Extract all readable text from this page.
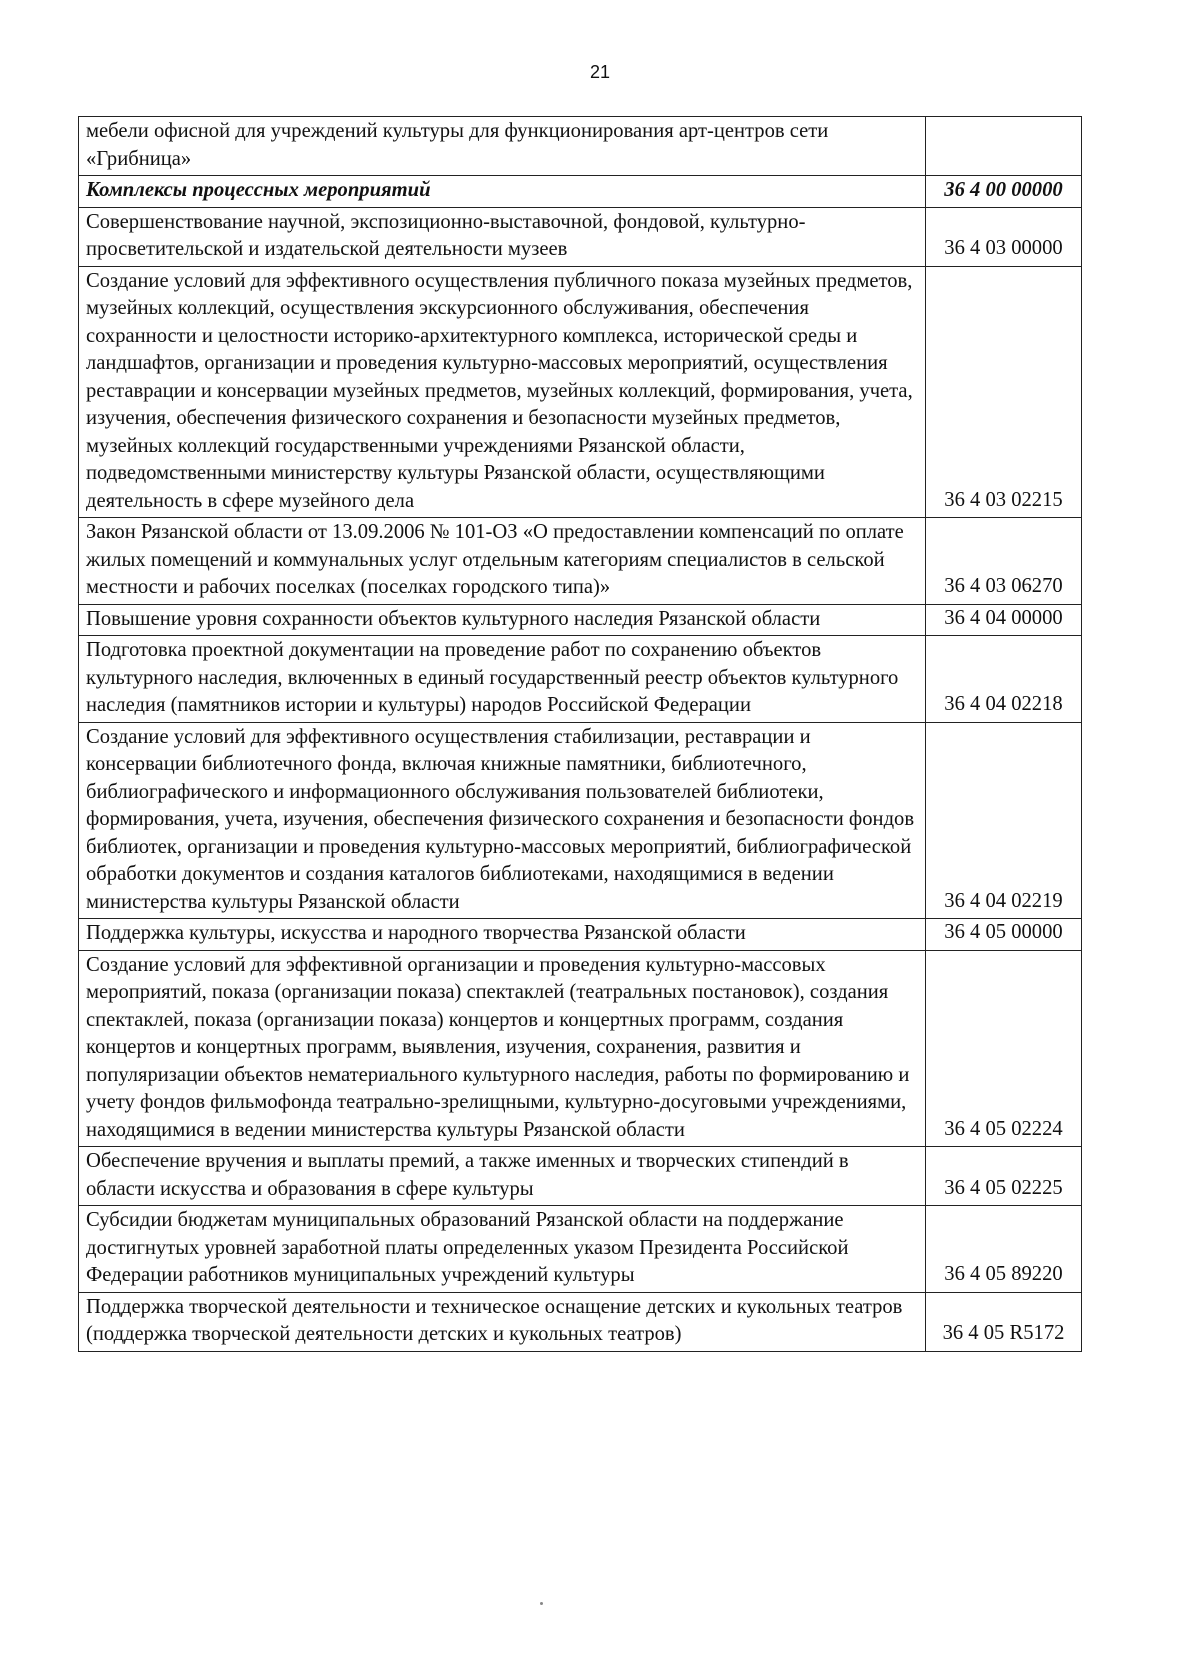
21
мебели офисной для учреждений культуры для функционирования арт-центров сети «Грибница»	
Комплексы процессных мероприятий	36 4 00 00000
Совершенствование научной, экспозиционно-выставочной, фондовой, культурно-просветительской и издательской деятельности музеев	36 4 03 00000
Создание условий для эффективного осуществления публичного показа музейных предметов, музейных коллекций, осуществления экскурсионного обслуживания, обеспечения сохранности и целостности историко-архитектурного комплекса, исторической среды и ландшафтов, организации и проведения культурно-массовых мероприятий, осуществления реставрации и консервации музейных предметов, музейных коллекций, формирования, учета, изучения, обеспечения физического сохранения и безопасности музейных предметов, музейных коллекций государственными учреждениями Рязанской области, подведомственными министерству культуры Рязанской области, осуществляющими деятельность в сфере музейного дела	36 4 03 02215
Закон Рязанской области от 13.09.2006 № 101-ОЗ «О предоставлении компенсаций по оплате жилых помещений и коммунальных услуг отдельным категориям специалистов в сельской местности и рабочих поселках (поселках городского типа)»	36 4 03 06270
Повышение уровня сохранности объектов культурного наследия Рязанской области	36 4 04 00000
Подготовка проектной документации на проведение работ по сохранению объектов культурного наследия, включенных в единый государственный реестр объектов культурного наследия (памятников истории и культуры) народов Российской Федерации	36 4 04 02218
Создание условий для эффективного осуществления стабилизации, реставрации и консервации библиотечного фонда, включая книжные памятники, библиотечного, библиографического и информационного обслуживания пользователей библиотеки, формирования, учета, изучения, обеспечения физического сохранения и безопасности фондов библиотек, организации и проведения культурно-массовых мероприятий, библиографической обработки документов и создания каталогов библиотеками, находящимися в ведении министерства культуры Рязанской области	36 4 04 02219
Поддержка культуры, искусства и народного творчества Рязанской области	36 4 05 00000
Создание условий для эффективной организации и проведения культурно-массовых мероприятий, показа (организации показа) спектаклей (театральных постановок), создания спектаклей, показа (организации показа) концертов и концертных программ, создания концертов и концертных программ, выявления, изучения, сохранения, развития и популяризации объектов нематериального культурного наследия, работы по формированию и учету фондов фильмофонда театрально-зрелищными, культурно-досуговыми учреждениями, находящимися в ведении министерства культуры Рязанской области	36 4 05 02224
Обеспечение вручения и выплаты премий, а также именных и творческих стипендий в области искусства и образования в сфере культуры	36 4 05 02225
Субсидии бюджетам муниципальных образований Рязанской области на поддержание достигнутых уровней заработной платы определенных указом Президента Российской Федерации работников муниципальных учреждений культуры	36 4 05 89220
Поддержка творческой деятельности и техническое оснащение детских и кукольных театров (поддержка творческой деятельности детских и кукольных театров)	36 4 05 R5172
